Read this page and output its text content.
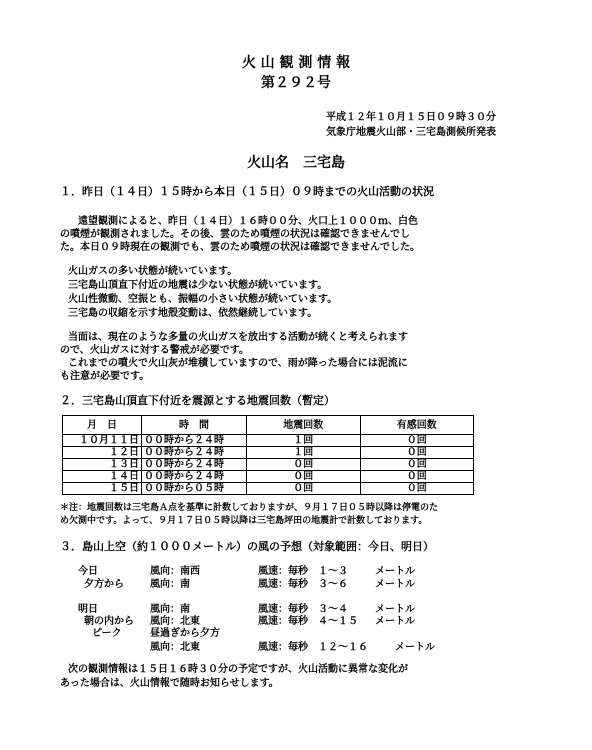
火 山 観 測 情 報
第２９２号
平成１２年１０月１５日０９時３０分
気象庁地震火山部・三宅島測候所発表
火山名　三宅島
１．昨日（１４日）１５時から本日（１５日）０９時までの火山活動の状況
遠望観測によると、昨日（１４日）１６時００分、火口上１０００ｍ、白色
の噴煙が観測されました。その後、雲のため噴煙の状況は確認できませんでし
た。本日０９時現在の観測でも、雲のため噴煙の状況は確認できませんでした。
火山ガスの多い状態が続いています。
三宅島山頂直下付近の地震は少ない状態が続いています。
火山性微動、空振とも、振幅の小さい状態が続いています。
三宅島の収縮を示す地殻変動は、依然継続しています。
当面は、現在のような多量の火山ガスを放出する活動が続くと考えられます
ので、火山ガスに対する警戒が必要です。
これまでの噴火で火山灰が堆積していますので、雨が降った場合には泥流に
も注意が必要です。
２．三宅島山頂直下付近を震源とする地震回数（暫定）
月　日	時　間	地震回数	有感回数
１０月１１日	００時から２４時	１回	０回
１２日	００時から２４時	１回	０回
１３日	００時から２４時	０回	０回
１４日	００時から２４時	０回	０回
１５日	００時から０５時	０回	０回
＊注：地震回数は三宅島Ａ点を基準に計数しておりますが、９月１７日０５時以降は停電のた
め欠測中です。よって、９月１７日０５時以降は三宅島坪田の地震計で計数しております。
３．島山上空（約１０００メートル）の風の予想（対象範囲：今日、明日）
今日	風向：南西	風速：毎秒　１～３	メートル
夕方から	風向：南	風速：毎秒　３～６	メートル
明日	風向：南	風速：毎秒　３～４	メートル
朝の内から 風向：北東	風速：毎秒　４～１５ メートル
ピーク	昼過ぎから夕方
風向：北東	風速：毎秒　１２～１６	メートル
次の観測情報は１５日１６時３０分の予定ですが、火山活動に異常な変化が
あった場合は、火山情報で随時お知らせします。
